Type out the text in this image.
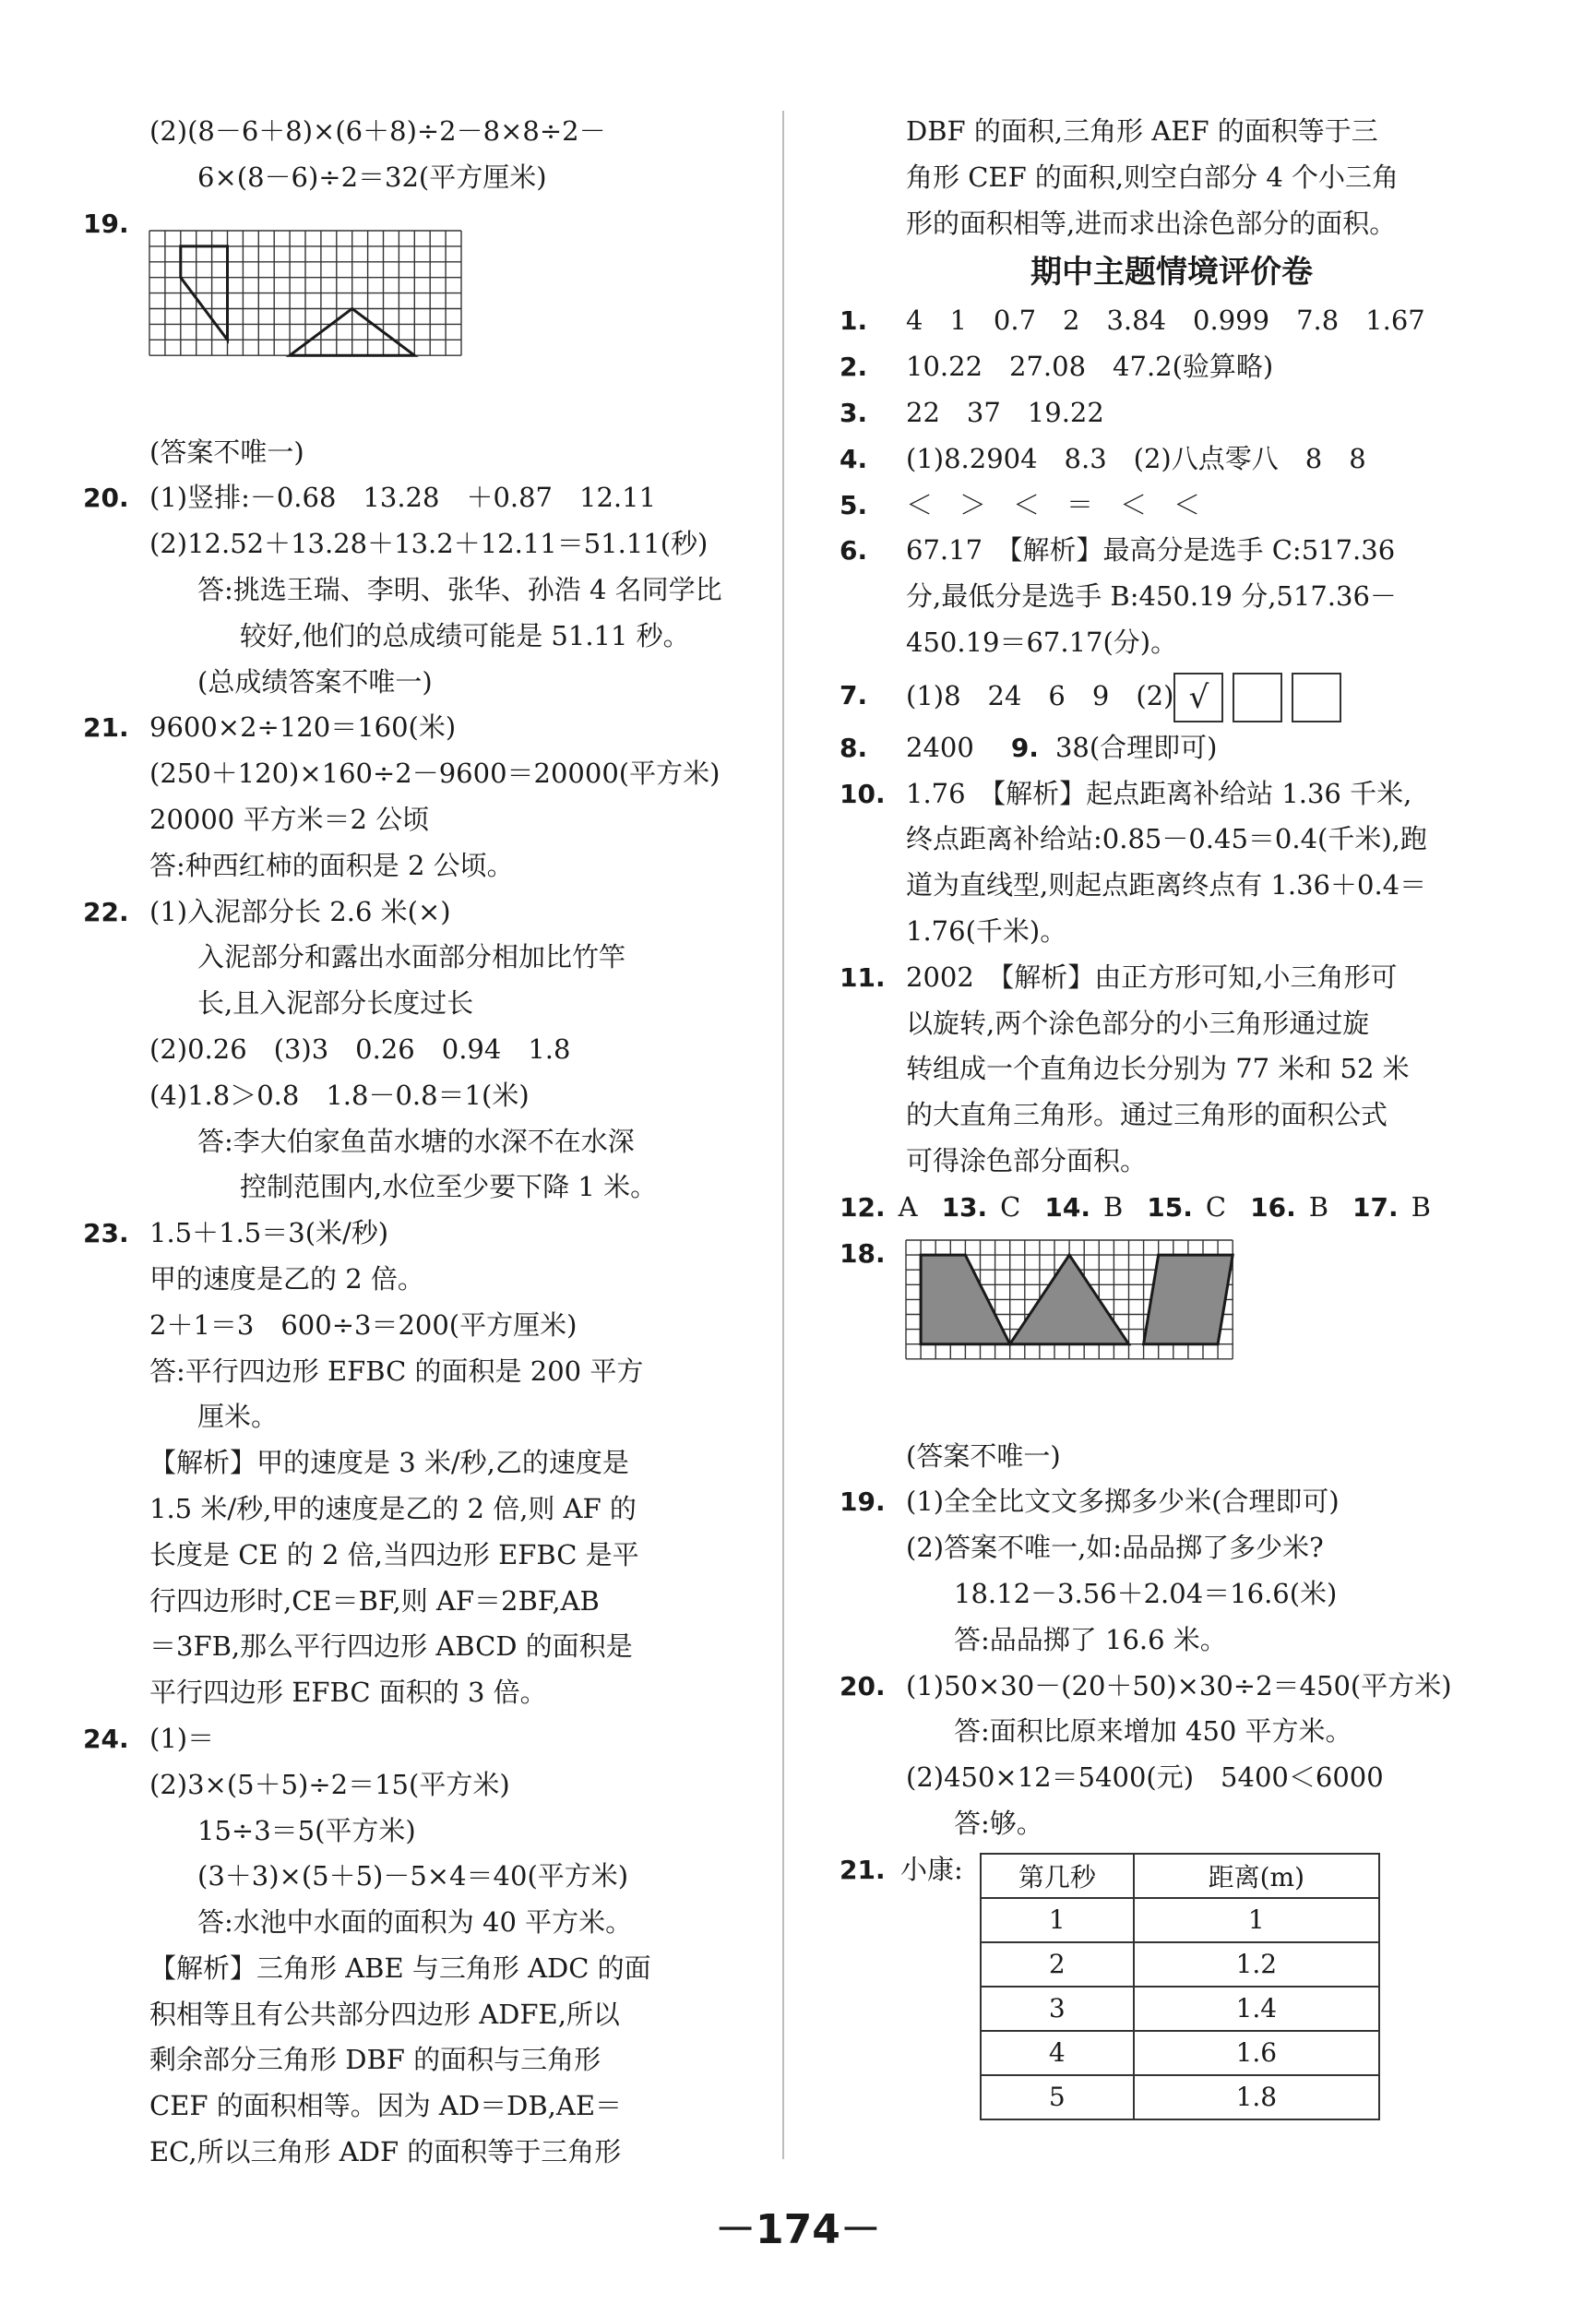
(2)(8－6＋8)×(6＋8)÷2－8×8÷2－
6×(8－6)÷2＝32(平方厘米)
19.
(答案不唯一)
20. (1)竖排:－0.68　13.28　＋0.87　12.11
(2)12.52＋13.28＋13.2＋12.11＝51.11(秒)
答:挑选王瑞、李明、张华、孙浩 4 名同学比
较好,他们的总成绩可能是 51.11 秒。
(总成绩答案不唯一)
21. 9600×2÷120＝160(米)
(250＋120)×160÷2－9600＝20000(平方米)
20000 平方米＝2 公顷
答:种西红柿的面积是 2 公顷。
22. (1)入泥部分长 2.6 米(×)
入泥部分和露出水面部分相加比竹竿
长,且入泥部分长度过长
(2)0.26　(3)3　0.26　0.94　1.8
(4)1.8＞0.8　1.8－0.8＝1(米)
答:李大伯家鱼苗水塘的水深不在水深
控制范围内,水位至少要下降 1 米。
23. 1.5＋1.5＝3(米/秒)
甲的速度是乙的 2 倍。
2＋1＝3　600÷3＝200(平方厘米)
答:平行四边形 EFBC 的面积是 200 平方
厘米。
【解析】甲的速度是 3 米/秒,乙的速度是
1.5 米/秒,甲的速度是乙的 2 倍,则 AF 的
长度是 CE 的 2 倍,当四边形 EFBC 是平
行四边形时,CE＝BF,则 AF＝2BF,AB
＝3FB,那么平行四边形 ABCD 的面积是
平行四边形 EFBC 面积的 3 倍。
24. (1)＝
(2)3×(5＋5)÷2＝15(平方米)
15÷3＝5(平方米)
(3＋3)×(5＋5)－5×4＝40(平方米)
答:水池中水面的面积为 40 平方米。
【解析】三角形 ABE 与三角形 ADC 的面
积相等且有公共部分四边形 ADFE,所以
剩余部分三角形 DBF 的面积与三角形
CEF 的面积相等。因为 AD＝DB,AE＝
EC,所以三角形 ADF 的面积等于三角形
DBF 的面积,三角形 AEF 的面积等于三
角形 CEF 的面积,则空白部分 4 个小三角
形的面积相等,进而求出涂色部分的面积。
期中主题情境评价卷
1. 4　1　0.7　2　3.84　0.999　7.8　1.67
2. 10.22　27.08　47.2(验算略)
3. 22　37　19.22
4. (1)8.2904　8.3　(2)八点零八　8　8
5. ＜　＞　＜　＝　＜　＜
6. 67.17　【解析】最高分是选手 C:517.36
分,最低分是选手 B:450.19 分,517.36－
450.19＝67.17(分)。
7. (1)8　24　6　9　(2) √
8. 2400 9. 38(合理即可)
10. 1.76　【解析】起点距离补给站 1.36 千米,
终点距离补给站:0.85－0.45＝0.4(千米),跑
道为直线型,则起点距离终点有 1.36＋0.4＝
1.76(千米)。
11. 2002　【解析】由正方形可知,小三角形可
以旋转,两个涂色部分的小三角形通过旋
转组成一个直角边长分别为 77 米和 52 米
的大直角三角形。通过三角形的面积公式
可得涂色部分面积。
12. A 13. C 14. B 15. C 16. B 17. B
18.
(答案不唯一)
19. (1)全全比文文多掷多少米(合理即可)
(2)答案不唯一,如:品品掷了多少米?
18.12－3.56＋2.04＝16.6(米)
答:品品掷了 16.6 米。
20. (1)50×30－(20＋50)×30÷2＝450(平方米)
答:面积比原来增加 450 平方米。
(2)450×12＝5400(元)　5400＜6000
答:够。
21. 小康: 第几秒	距离(m)
1	1
2	1.2
3	1.4
4	1.6
5	1.8
－174－
